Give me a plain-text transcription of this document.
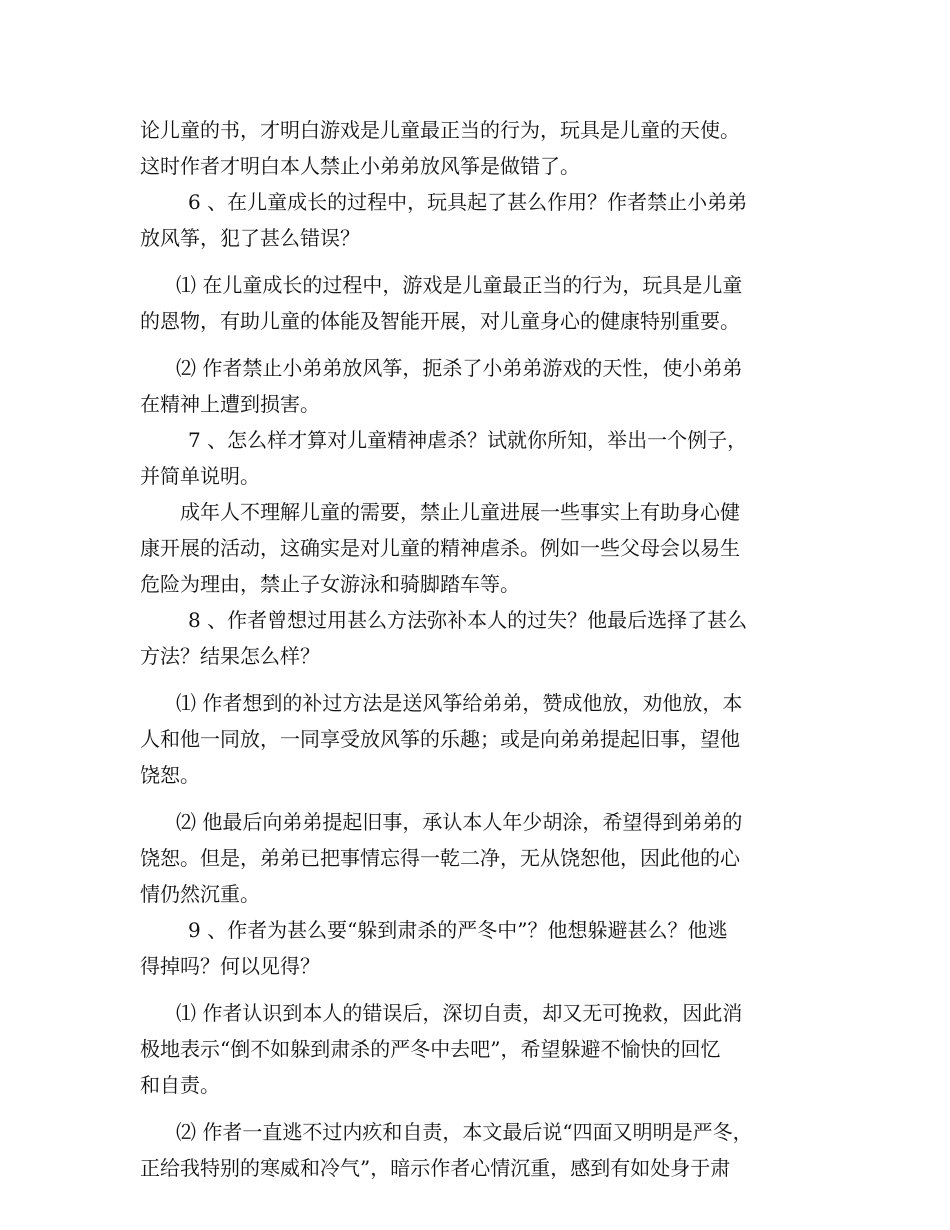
论儿童的书，才明白游戏是儿童最正当的行为，玩具是儿童的天使。
这时作者才明白本人禁止小弟弟放风筝是做错了。
6 、在儿童成长的过程中，玩具起了甚么作用？作者禁止小弟弟
放风筝，犯了甚么错误？
⑴ 在儿童成长的过程中，游戏是儿童最正当的行为，玩具是儿童
的恩物，有助儿童的体能及智能开展，对儿童身心的健康特别重要。
⑵ 作者禁止小弟弟放风筝，扼杀了小弟弟游戏的天性，使小弟弟
在精神上遭到损害。
7 、怎么样才算对儿童精神虐杀？试就你所知，举出一个例子，
并简单说明。
成年人不理解儿童的需要，禁止儿童进展一些事实上有助身心健
康开展的活动，这确实是对儿童的精神虐杀。例如一些父母会以易生
危险为理由，禁止子女游泳和骑脚踏车等。
8 、作者曾想过用甚么方法弥补本人的过失？他最后选择了甚么
方法？结果怎么样？
⑴ 作者想到的补过方法是送风筝给弟弟，赞成他放，劝他放，本
人和他一同放，一同享受放风筝的乐趣；或是向弟弟提起旧事，望他
饶恕。
⑵ 他最后向弟弟提起旧事，承认本人年少胡涂，希望得到弟弟的
饶恕。但是，弟弟已把事情忘得一乾二净，无从饶恕他，因此他的心
情仍然沉重。
9 、作者为甚么要“躲到肃杀的严冬中”？他想躲避甚么？他逃
得掉吗？何以见得？
⑴ 作者认识到本人的错误后，深切自责，却又无可挽救，因此消
极地表示“倒不如躲到肃杀的严冬中去吧”，希望躲避不愉快的回忆
和自责。
⑵ 作者一直逃不过内疚和自责，本文最后说“四面又明明是严冬，
正给我特别的寒威和冷气”，暗示作者心情沉重，感到有如处身于肃
